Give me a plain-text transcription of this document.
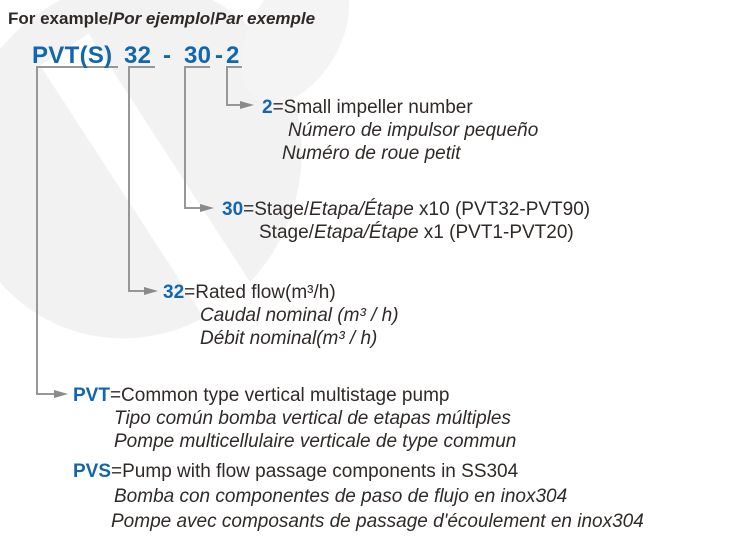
For example/Por ejemplo/Par exemple
PVT(S) 32 - 30 - 2
2=Small impeller number
Número de impulsor pequeño
Numéro de roue petit
30=Stage/Etapa/Étape x10 (PVT32-PVT90)
Stage/Etapa/Étape x1 (PVT1-PVT20)
32=Rated flow(m³/h)
Caudal nominal (m³ / h)
Débit nominal(m³ / h)
PVT=Common type vertical multistage pump
Tipo común bomba vertical de etapas múltiples
Pompe multicellulaire verticale de type commun
PVS=Pump with flow passage components in SS304
Bomba con componentes de paso de flujo en inox304
Pompe avec composants de passage d'écoulement en inox304
